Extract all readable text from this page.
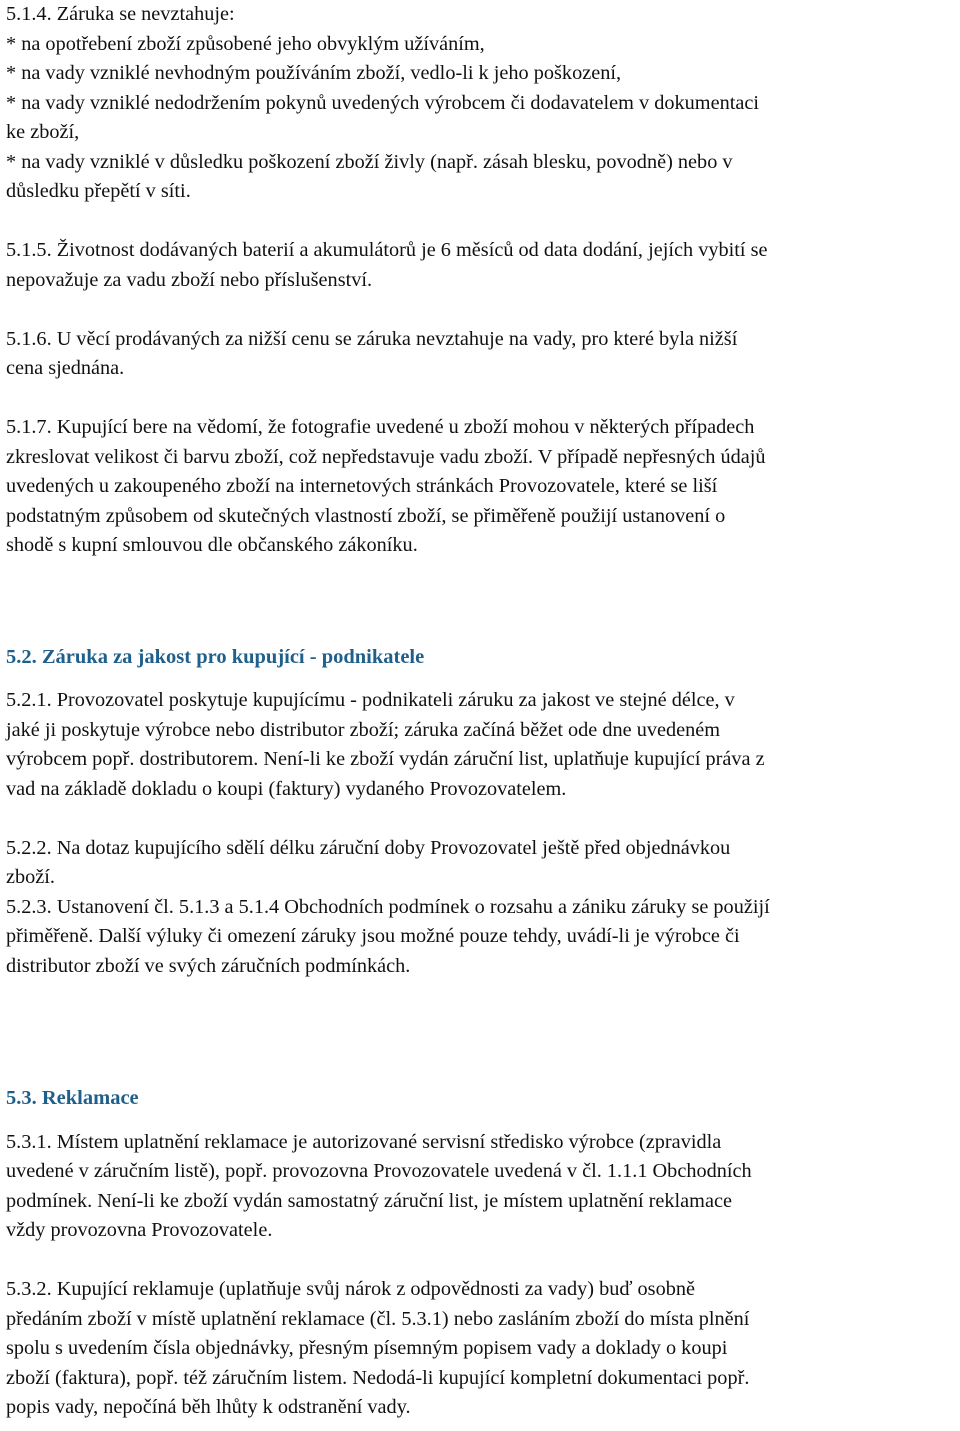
5.1.4. Záruka se nevztahuje:
* na opotřebení zboží způsobené jeho obvyklým užíváním,
* na vady vzniklé nevhodným používáním zboží, vedlo-li k jeho poškození,
* na vady vzniklé nedodržením pokynů uvedených výrobcem či dodavatelem v dokumentaci
ke zboží,
* na vady vzniklé v důsledku poškození zboží živly (např. zásah blesku, povodně) nebo v
důsledku přepětí v síti.
5.1.5. Životnost dodávaných baterií a akumulátorů je 6 měsíců od data dodání, jejích vybití se
nepovažuje za vadu zboží nebo příslušenství.
5.1.6. U věcí prodávaných za nižší cenu se záruka nevztahuje na vady, pro které byla nižší
cena sjednána.
5.1.7. Kupující bere na vědomí, že fotografie uvedené u zboží mohou v některých případech
zkreslovat velikost či barvu zboží, což nepředstavuje vadu zboží. V případě nepřesných údajů
uvedených u zakoupeného zboží na internetových stránkách Provozovatele, které se liší
podstatným způsobem od skutečných vlastností zboží, se přiměřeně použijí ustanovení o
shodě s kupní smlouvou dle občanského zákoníku.
5.2. Záruka za jakost pro kupující - podnikatele
5.2.1. Provozovatel poskytuje kupujícímu - podnikateli záruku za jakost ve stejné délce, v
jaké ji poskytuje výrobce nebo distributor zboží; záruka začíná běžet ode dne uvedeném
výrobcem popř. dostributorem. Není-li ke zboží vydán záruční list, uplatňuje kupující práva z
vad na základě dokladu o koupi (faktury) vydaného Provozovatelem.
5.2.2. Na dotaz kupujícího sdělí délku záruční doby Provozovatel ještě před objednávkou
zboží.
5.2.3. Ustanovení čl. 5.1.3 a 5.1.4 Obchodních podmínek o rozsahu a zániku záruky se použijí
přiměřeně. Další výluky či omezení záruky jsou možné pouze tehdy, uvádí-li je výrobce či
distributor zboží ve svých záručních podmínkách.
5.3. Reklamace
5.3.1. Místem uplatnění reklamace je autorizované servisní středisko výrobce (zpravidla
uvedené v záručním listě), popř. provozovna Provozovatele uvedená v čl. 1.1.1 Obchodních
podmínek. Není-li ke zboží vydán samostatný záruční list, je místem uplatnění reklamace
vždy provozovna Provozovatele.
5.3.2. Kupující reklamuje (uplatňuje svůj nárok z odpovědnosti za vady) buď osobně
předáním zboží v místě uplatnění reklamace (čl. 5.3.1) nebo zasláním zboží do místa plnění
spolu s uvedením čísla objednávky, přesným písemným popisem vady a doklady o koupi
zboží (faktura), popř. též záručním listem. Nedodá-li kupující kompletní dokumentaci popř.
popis vady, nepočíná běh lhůty k odstranění vady.
